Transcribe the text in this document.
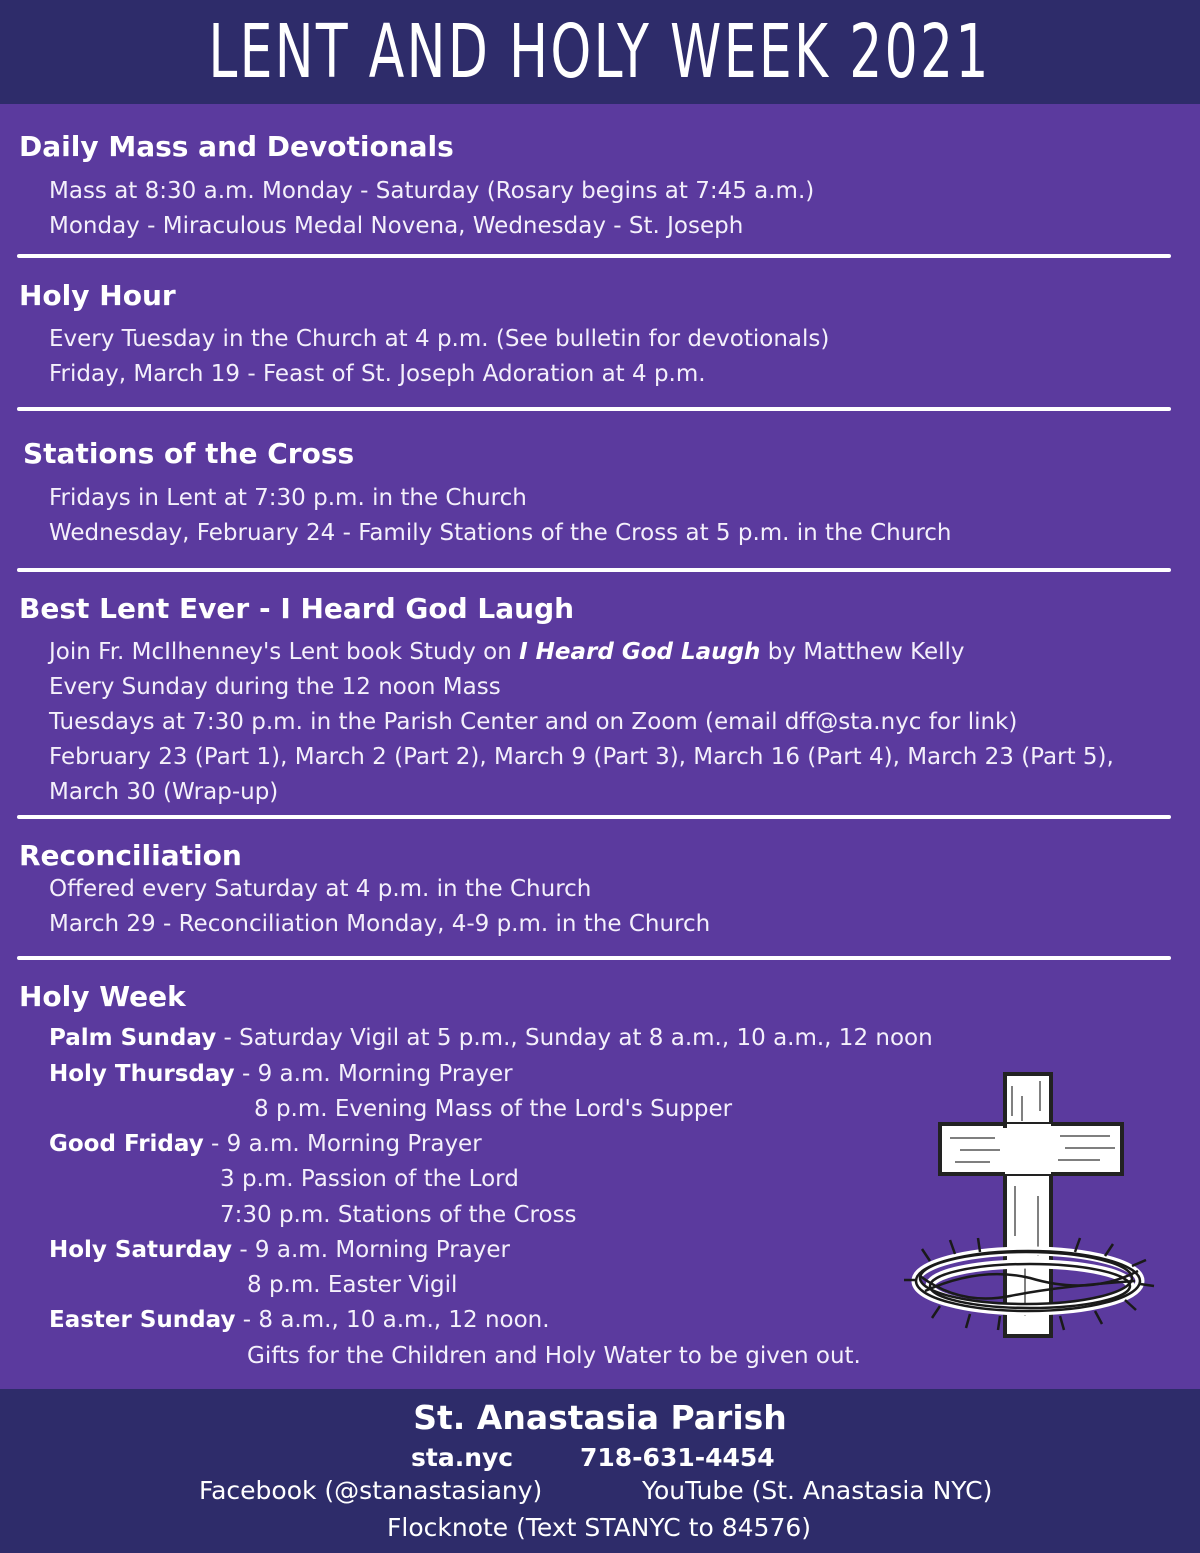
LENT AND HOLY WEEK 2021
Daily Mass and Devotionals
Mass at 8:30 a.m. Monday - Saturday (Rosary begins at 7:45 a.m.)
Monday - Miraculous Medal Novena, Wednesday - St. Joseph
Holy Hour
Every Tuesday in the Church at 4 p.m. (See bulletin for devotionals)
Friday, March 19 - Feast of St. Joseph Adoration at 4 p.m.
Stations of the Cross
Fridays in Lent at 7:30 p.m. in the Church
Wednesday, February 24 - Family Stations of the Cross at 5 p.m. in the Church
Best Lent Ever - I Heard God Laugh
Join Fr. McIlhenney's Lent book Study on I Heard God Laugh by Matthew Kelly
Every Sunday during the 12 noon Mass
Tuesdays at 7:30 p.m. in the Parish Center and on Zoom (email dff@sta.nyc for link)
February 23 (Part 1), March 2 (Part 2), March 9 (Part 3), March 16 (Part 4), March 23 (Part 5),
March 30 (Wrap-up)
Reconciliation
Offered every Saturday at 4 p.m. in the Church
March 29 - Reconciliation Monday, 4-9 p.m. in the Church
Holy Week
Palm Sunday - Saturday Vigil at 5 p.m., Sunday at 8 a.m., 10 a.m., 12 noon
Holy Thursday - 9 a.m. Morning Prayer
8 p.m. Evening Mass of the Lord's Supper
Good Friday - 9 a.m. Morning Prayer
3 p.m. Passion of the Lord
7:30 p.m. Stations of the Cross
Holy Saturday - 9 a.m. Morning Prayer
8 p.m. Easter Vigil
Easter Sunday - 8 a.m., 10 a.m., 12 noon.
Gifts for the Children and Holy Water to be given out.
St. Anastasia Parish
sta.nyc	718-631-4454
Facebook (@stanastasiany)	YouTube (St. Anastasia NYC)
Flocknote (Text STANYC to 84576)
